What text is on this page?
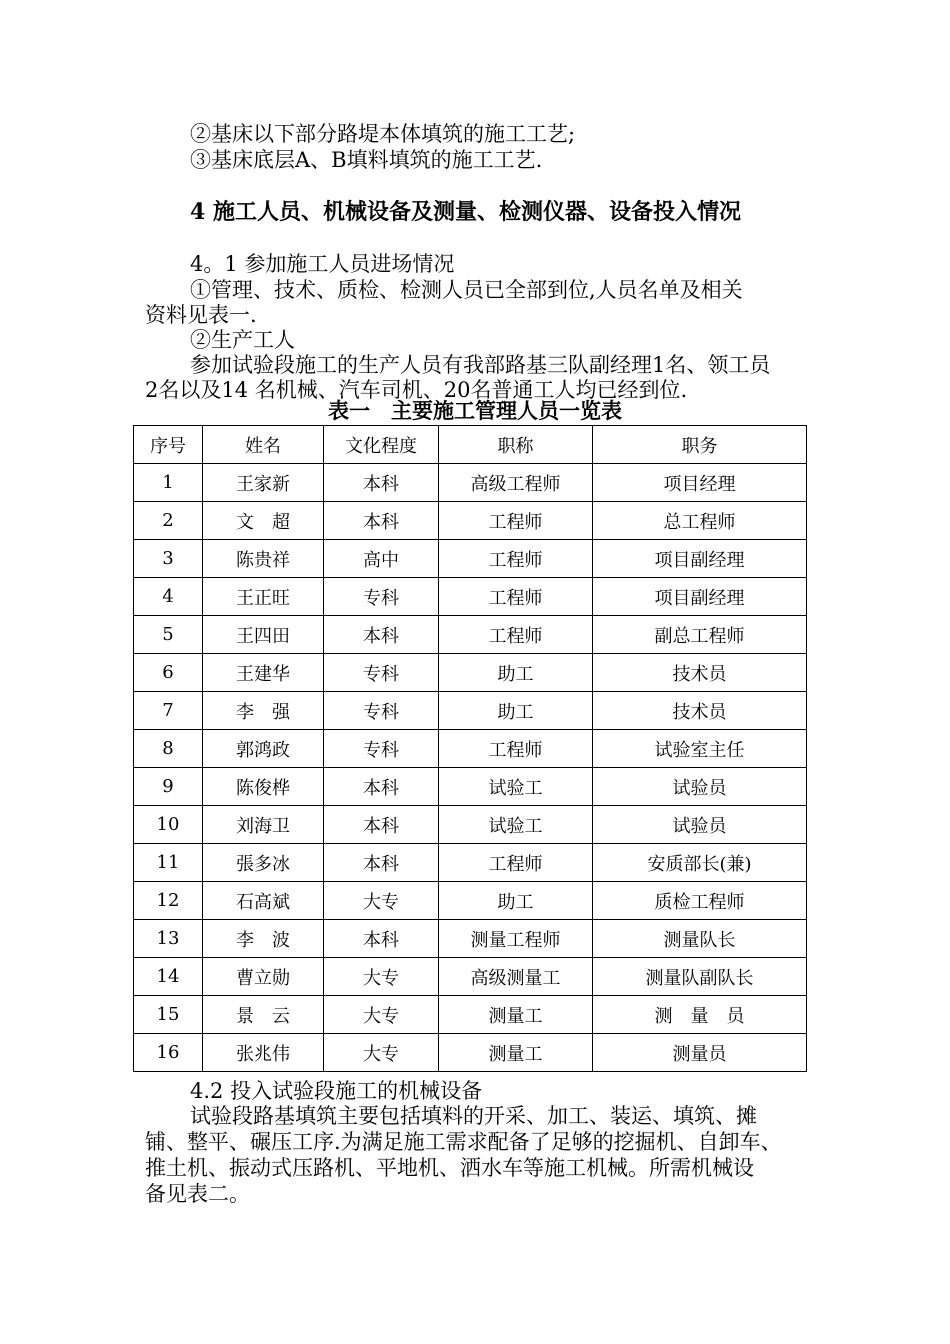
②基床以下部分路堤本体填筑的施工工艺;
③基床底层A、B填料填筑的施工工艺.
4 施工人员、机械设备及测量、检测仪器、设备投入情况
4。1 参加施工人员进场情况
①管理、技术、质检、检测人员已全部到位,人员名单及相关
资料见表一.
②生产工人
参加试验段施工的生产人员有我部路基三队副经理1名、领工员
2名以及14 名机械、汽车司机、20名普通工人均已经到位.
表一　主要施工管理人员一览表
序号	姓名	文化程度	职称	职务
1	王家新	本科	高级工程师	项目经理
2	文　超	本科	工程师	总工程师
3	陈贵祥	高中	工程师	项目副经理
4	王正旺	专科	工程师	项目副经理
5	王四田	本科	工程师	副总工程师
6	王建华	专科	助工	技术员
7	李　强	专科	助工	技术员
8	郭鸿政	专科	工程师	试验室主任
9	陈俊桦	本科	试验工	试验员
10	刘海卫	本科	试验工	试验员
11	張多冰	本科	工程师	安质部长(兼)
12	石高斌	大专	助工	质检工程师
13	李　波	本科	测量工程师	测量队长
14	曹立勋	大专	高级测量工	测量队副队长
15	景　云	大专	测量工	测　量　员
16	张兆伟	大专	测量工	测量员
4.2 投入试验段施工的机械设备
试验段路基填筑主要包括填料的开采、加工、装运、填筑、摊
铺、整平、碾压工序.为满足施工需求配备了足够的挖掘机、自卸车、
推土机、振动式压路机、平地机、洒水车等施工机械。所需机械设
备见表二。
